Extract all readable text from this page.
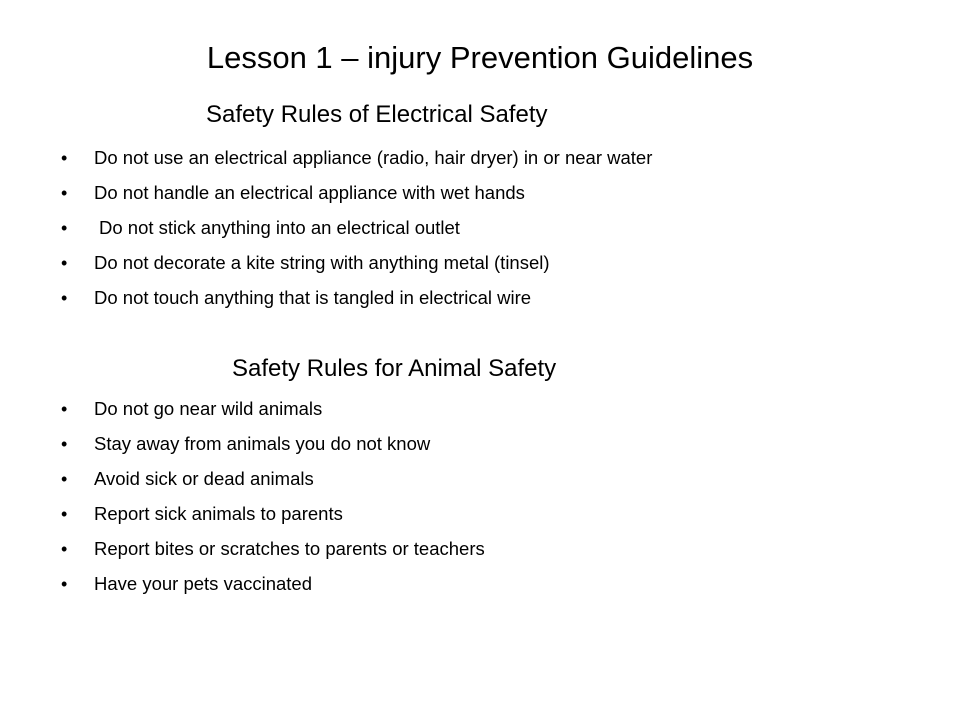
Lesson 1 – injury Prevention Guidelines
Safety Rules of Electrical Safety
• Do not use an electrical appliance (radio, hair dryer) in or near water
• Do not handle an electrical appliance with wet hands
• Do not stick anything into an electrical outlet
• Do not decorate a kite string with anything metal (tinsel)
• Do not touch anything that is tangled in electrical wire
Safety Rules for Animal Safety
• Do not go near wild animals
• Stay away from animals you do not know
• Avoid sick or dead animals
• Report sick animals to parents
• Report bites or scratches to parents or teachers
• Have your pets vaccinated
